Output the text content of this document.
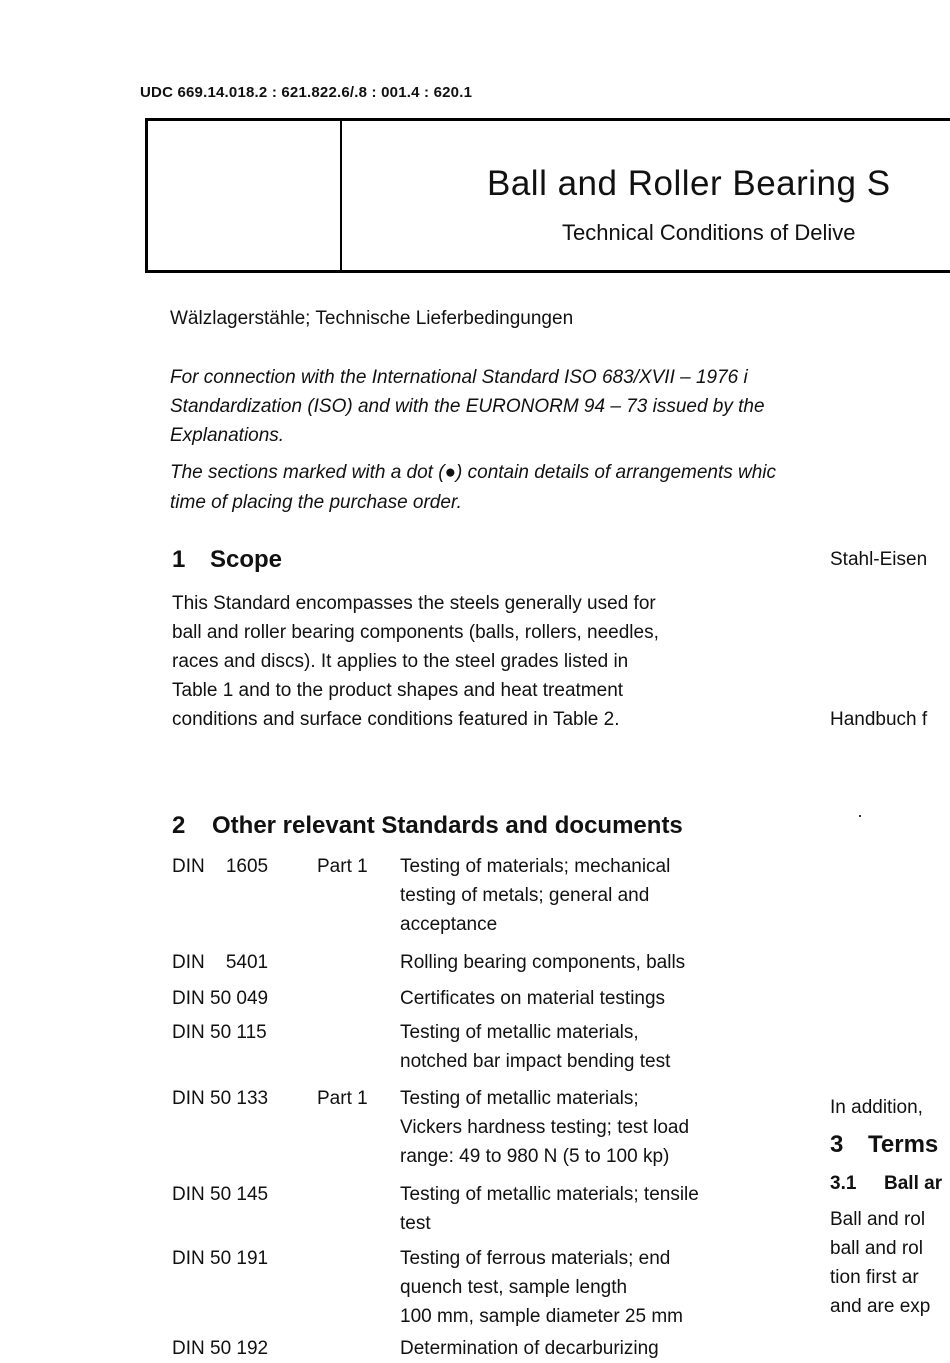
UDC 669.14.018.2 : 621.822.6/.8 : 001.4 : 620.1
Ball and Roller Bearing S
Technical Conditions of Delive
Wälzlagerstähle; Technische Lieferbedingungen
For connection with the International Standard ISO 683/XVII – 1976 i
Standardization (ISO) and with the EURONORM 94 – 73 issued by the
Explanations.
The sections marked with a dot (●) contain details of arrangements whic
time of placing the purchase order.
1 Scope
This Standard encompasses the steels generally used for
ball and roller bearing components (balls, rollers, needles,
races and discs). It applies to the steel grades listed in
Table 1 and to the product shapes and heat treatment
conditions and surface conditions featured in Table 2.
2 Other relevant Standards and documents
DIN    1605	Part 1 Testing of materials; mechanical
testing of metals; general and
acceptance
DIN    5401	Rolling bearing components, balls
DIN 50 049	Certificates on material testings
DIN 50 115	Testing of metallic materials,
notched bar impact bending test
DIN 50 133	Part 1 Testing of metallic materials;
Vickers hardness testing; test load
range: 49 to 980 N (5 to 100 kp)
DIN 50 145	Testing of metallic materials; tensile
test
DIN 50 191	Testing of ferrous materials; end
quench test, sample length
100 mm, sample diameter 25 mm
DIN 50 192	Determination of decarburizing
Stahl-Eisen
Handbuch f
In addition,
3 Terms
3.1 Ball ar
Ball and rol
ball and rol
tion first ar
and are exp
